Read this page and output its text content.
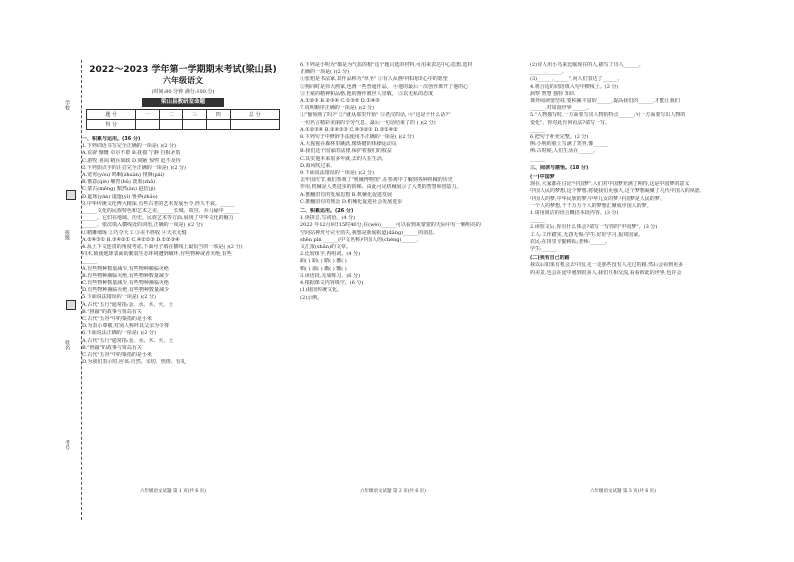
学校
班级
姓名
考号
2022～2023 学年第一学期期末考试(梁山县)
六年级语文
(时间:80 分钟 满分:100 分)
梁山县教研室命题
题 号	一	二	三	四	总 分
得 分					
一、积累与运用。(36 分)
1.下列词语书写完全正确的一项是( )(2 分)
A.荒辟 慷慨 卓尔不群 B.抚摸 宁静 自相矛盾
C.游牧 喜阅 精兵简政 D.简陋 惊愕 迫不及待
2.下列加点字的注音完全正确的一项是( )(2 分)
A.宽宥(yóu) 呜咽(zhuàn) 徘徊(pái)
B.惬意(qiè) 哺育(bǔ) 泼墨(zhā)
C.蒙古(měng) 黯然(àn) 赵佶(jí)
D.筵席(yán) 逶迤(yí) 鲁莽(zhǎo)
3.中华传统文化博大精深,有些古老的艺术发展至今,经久不衰。______
______文化的民族特色和艺术之美,______长城、故宫、兵马俑中______
______。它们在地域、历史、民族艺术等方面,展现了中华文化的魅力
______。依次填入横线处的词语,正确的一项是( )(2 分)
①精雕细琢 ②巧夺天工 ③美不胜收 ④天衣无缝
A.②④③① B.③④②① C.④②①③ D.①②③④
4.从上下文连贯的角度考虑,下面句子填在横线上最恰当的一项是( )(2 分)
同木,致使地球表面的脆弱生态环境遭到破坏,有些物种或者灭绝,有些
______
A.有些物种数量减少,有些物种濒临灭绝
B.有些物种濒临灭绝,有些物种数量减少
C.有些物种数量减少,有些物种濒临灭绝
D.有些物种濒临灭绝,有些物种数量减少
5.下面说法错误的一项是( )(2 分)
A.古代"五行"通常指:金、水、木、火、土
B."推敲"的故事与贾岛有关
C.古代"五谷"中的粟指的是小米
D.为表示尊敬,对别人称呼其父亲为令尊
6.下面说法正确的一项是( )(2 分)
A.古代"五行"通常指:金、水、木、火、土
B."推敲"的故事与贾岛有关
C.古代"五谷"中的粟指的是小米
D.为我们表示时,应该:自然、亲切、热情、有礼
6.下列是小明为"都是为气质的根"这个题目选的材料,可用来表达中心思想,选材
正确的一项是( )(2 分)
①张旭是书法家,其作品称为"草圣" ②有人从画中体现出心中的愿望
②狗同时是伟大画家,也画一些普通作品。 ④他的最后一次创作离开了他的心
③王冕的精神和品格,他的画作被世人崇敬。 ⑤以无私的态度
A.①②③ B.②③④ C.①③⑤ D.①④⑤
7.说明顺序正确的一项是( )(2 分)
①"葡萄熟了吗?" ②"就从那里开始" ③老汉的话, ④"这是个什么话?"
一句名言精彩美丽的辛劳气息、最后一句话结束了的 ( )(2 分)
A.①②③④ B.②④①③ C.④③②① D.③①④②
8.下列句子中修辞手法使用不正确的一项是( )(2 分)
A.大猩猩在森林里跳跃,像矫健的体操运动员
B.我们这个国家的法律,保护着我们的权益
C.其实他本来很多年就,去的人在生活,
D.海风吹过来,
9.下面说法错误的一项是( )(2 分)
去年国庆节,我们参观了"机械博物馆",在参观中了解到各种机械的历史
作用,机械是人类进步的阶梯。由此可见机械展示了人类的智慧和创造力。
A.推翻旧有的发展思想 B.机械化促进发展
C.推翻旧有的理念 D.机械化促进社会发展进步
二、积累运用。(26 分)
1.读拼音,写词语。(4 分)
2022 年12月9日15时40分,在(wèi)______可以看到灰蒙蒙的天际中有一颗明亮的
空间站神舟号完全消失,我想是新闻报道(dāng)______的消息,
shēn pǐn ______(中文名称)中国人的(chéng)______,
文汇报(shān)的文章。
2.比较组字,再组词。(4 分)
蹈( ) 蹈( ) 踏( ) 撤( )
稻( ) 溢( ) 撒( ) 辙( )
3.读语段,完成练习。(6 分)
4.根据课文内容填空。(6 分)
(1)我国传统文化。
(2)示例。
(2)诗人用小鸟来比喻现在的人,描写了诗人______。
______,______。
(3)______,______",向人们表达了______。
4.将合适的词语填入句中横线上。(2 分)
洞察 智慧 独特 知识
课外阅读要坚持,要积累丰富的______,提高我们的______,才能让我们
______,对周围世界______。
5."人物描写时,一方面要写出人物的特点______;另一方面要写出人物的
变化"。你对此有何看法?请写一写。
______
6.把句子补充完整。(2 分)
例:小明的脸上写满了笑容,像______
例:古时候,人们生活在______。
______
三、阅读与感悟。(18 分)
(一)中国梦
现在,大家都在讨论"中国梦",人们对中国梦充满了期待,这是中国梦的意义
中国人民的梦想,这个梦想,将使我们更强大,这个梦想凝聚了几代中国人的夙愿,
中国人的梦,中华民族的梦,中华儿女的梦,中国梦是人民的梦。
一个人的梦想,千千万万个人的梦想汇聚成中国人的梦。
1.请用简洁的语言概括本段内容。(3 分)
______
2.读短文后,你有什么体会?请写一写你的"中国梦"。(3 分)
工人:工作踏实,无怨无悔;学生:好好学习,报效国家。
农民:在田里辛勤耕耘;老师:______。
学生:______
(二)我有自己的路
我以后如果有机会去中国,走一走那些没有人走过的路,然后会看到更多
的美景,也会在途中遇到很多人,我们互相交流,看看彼此的世界,也许会
六年级语文试题 第 1 页(共 6 页)	六年级语文试题 第 2 页(共 6 页)	六年级语文试题 第 3 页(共 6 页)
